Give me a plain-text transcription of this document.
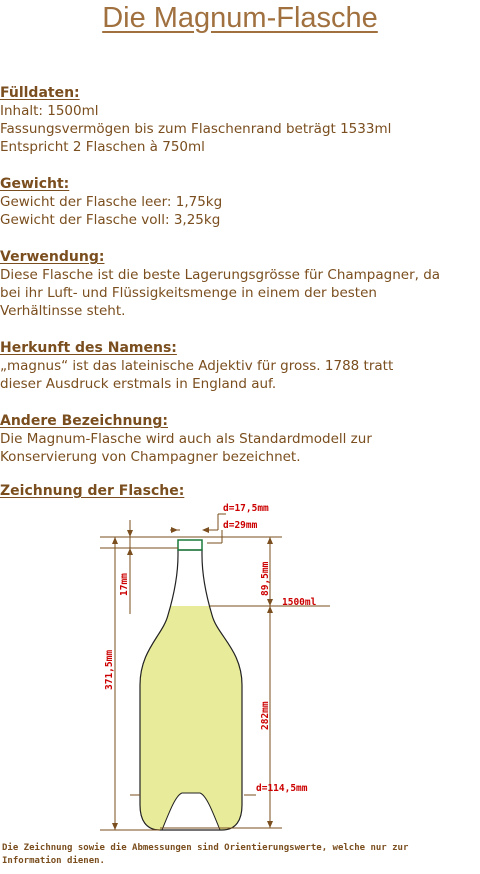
Die Magnum-Flasche

Fülldaten:

Inhalt: 1500ml

Fassungsvermögen bis zum Flaschenrand beträgt 1533ml

Entspricht 2 Flaschen à 750ml

Gewicht:

Gewicht der Flasche leer: 1,75kg

Gewicht der Flasche voll: 3,25kg

Verwendung:

Diese Flasche ist die beste Lagerungsgrösse für Champagner, da

bei ihr Luft- und Flüssigkeitsmenge in einem der besten

Verhältinsse steht.

Herkunft des Namens:

„magnus“ ist das lateinische Adjektiv für gross. 1788 tratt

dieser Ausdruck erstmals in England auf.

Andere Bezeichnung:

Die Magnum-Flasche wird auch als Standardmodell zur

Konservierung von Champagner bezeichnet.

Zeichnung der Flasche:

d=17,5mm
d=29mm
17mm	89,5mm
1500ml
371,5mm
282mm
d=114,5mm
Die Zeichnung sowie die Abmessungen sind Orientierungswerte, welche nur zur
Information dienen.
